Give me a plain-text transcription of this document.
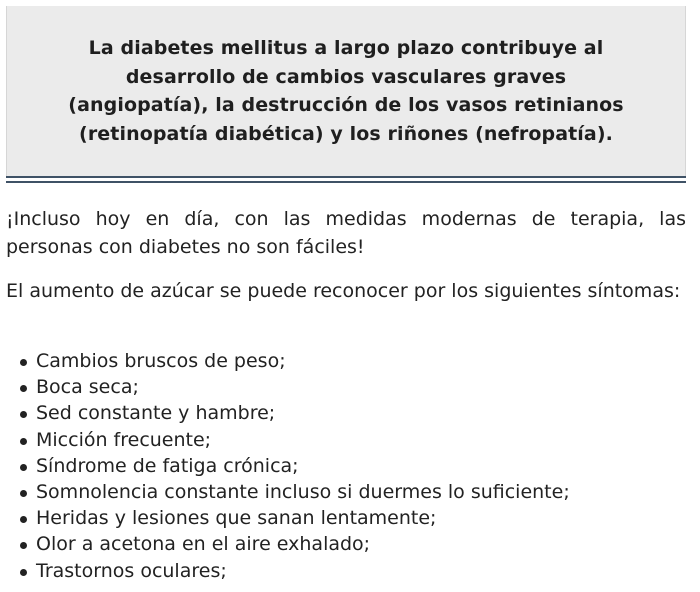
La diabetes mellitus a largo plazo contribuye al desarrollo de cambios vasculares graves (angiopatía), la destrucción de los vasos retinianos (retinopatía diabética) y los riñones (nefropatía).

¡Incluso hoy en día, con las medidas modernas de terapia, las personas con diabetes no son fáciles!

El aumento de azúcar se puede reconocer por los siguientes síntomas:

Cambios bruscos de peso;
Boca seca;
Sed constante y hambre;
Micción frecuente;
Síndrome de fatiga crónica;
Somnolencia constante incluso si duermes lo suficiente;
Heridas y lesiones que sanan lentamente;
Olor a acetona en el aire exhalado;
Trastornos oculares;
